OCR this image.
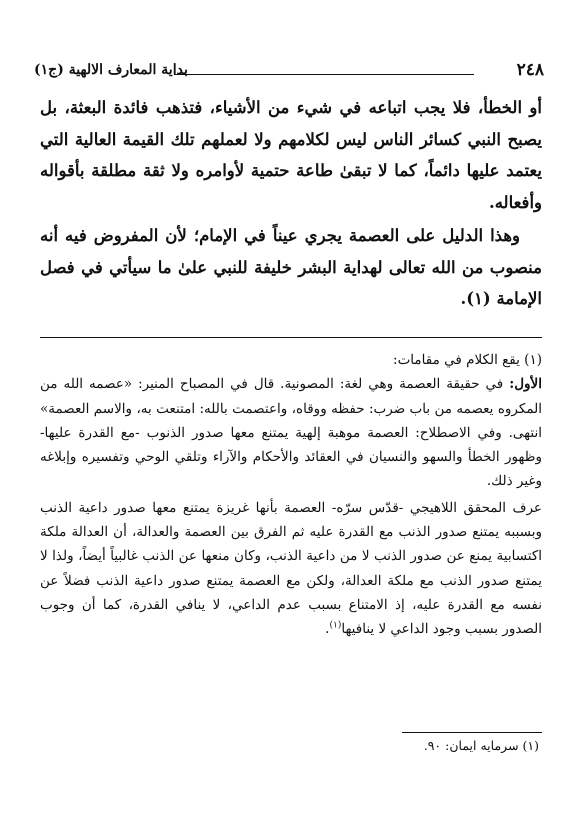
٢٤٨
بداية المعارف الالهية (ج١)

أو الخطأ، فلا يجب اتباعه في شيء من الأشياء، فتذهب فائدة البعثة، بل يصبح النبي كسائر الناس ليس لكلامهم ولا لعملهم تلك القيمة العالية التي يعتمد عليها دائماً، كما لا تبقىٰ طاعة حتمية لأوامره ولا ثقة مطلقة بأقواله وأفعاله.

وهذا الدليل على العصمة يجري عيناً في الإمام؛ لأن المفروض فيه أنه منصوب من الله تعالى لهداية البشر خليفة للنبي علىٰ ما سيأتي في فصل الإمامة (١).

(١) يقع الكلام في مقامات:

الأول: في حقيقة العصمة وهي لغة: المصونية. قال في المصباح المنير: «عصمه الله من المكروه يعصمه من باب ضرب: حفظه ووقاه، واعتصمت بالله: امتنعت به، والاسم العصمة» انتهى. وفي الاصطلاح: العصمة موهبة إلهية يمتنع معها صدور الذنوب -مع القدرة عليها- وظهور الخطأ والسهو والنسيان في العقائد والأحكام والآراء وتلقي الوحي وتفسيره وإبلاغه وغير ذلك.

عرف المحقق اللاهيجي -قدّس سرّه- العصمة بأنها غريزة يمتنع معها صدور داعية الذنب وبسببه يمتنع صدور الذنب مع القدرة عليه ثم الفرق بين العصمة والعدالة، أن العدالة ملكة اكتسابية يمنع عن صدور الذنب لا من داعية الذنب، وكان منعها عن الذنب غالبياً أيضاً، ولذا لا يمتنع صدور الذنب مع ملكة العدالة، ولكن مع العصمة يمتنع صدور داعية الذنب فضلاً عن نفسه مع القدرة عليه، إذ الامتناع بسبب عدم الداعي، لا ينافي القدرة، كما أن وجوب الصدور بسبب وجود الداعي لا ينافيها$^{(١)}$.

(١) سرمايه ايمان: ٩٠.
